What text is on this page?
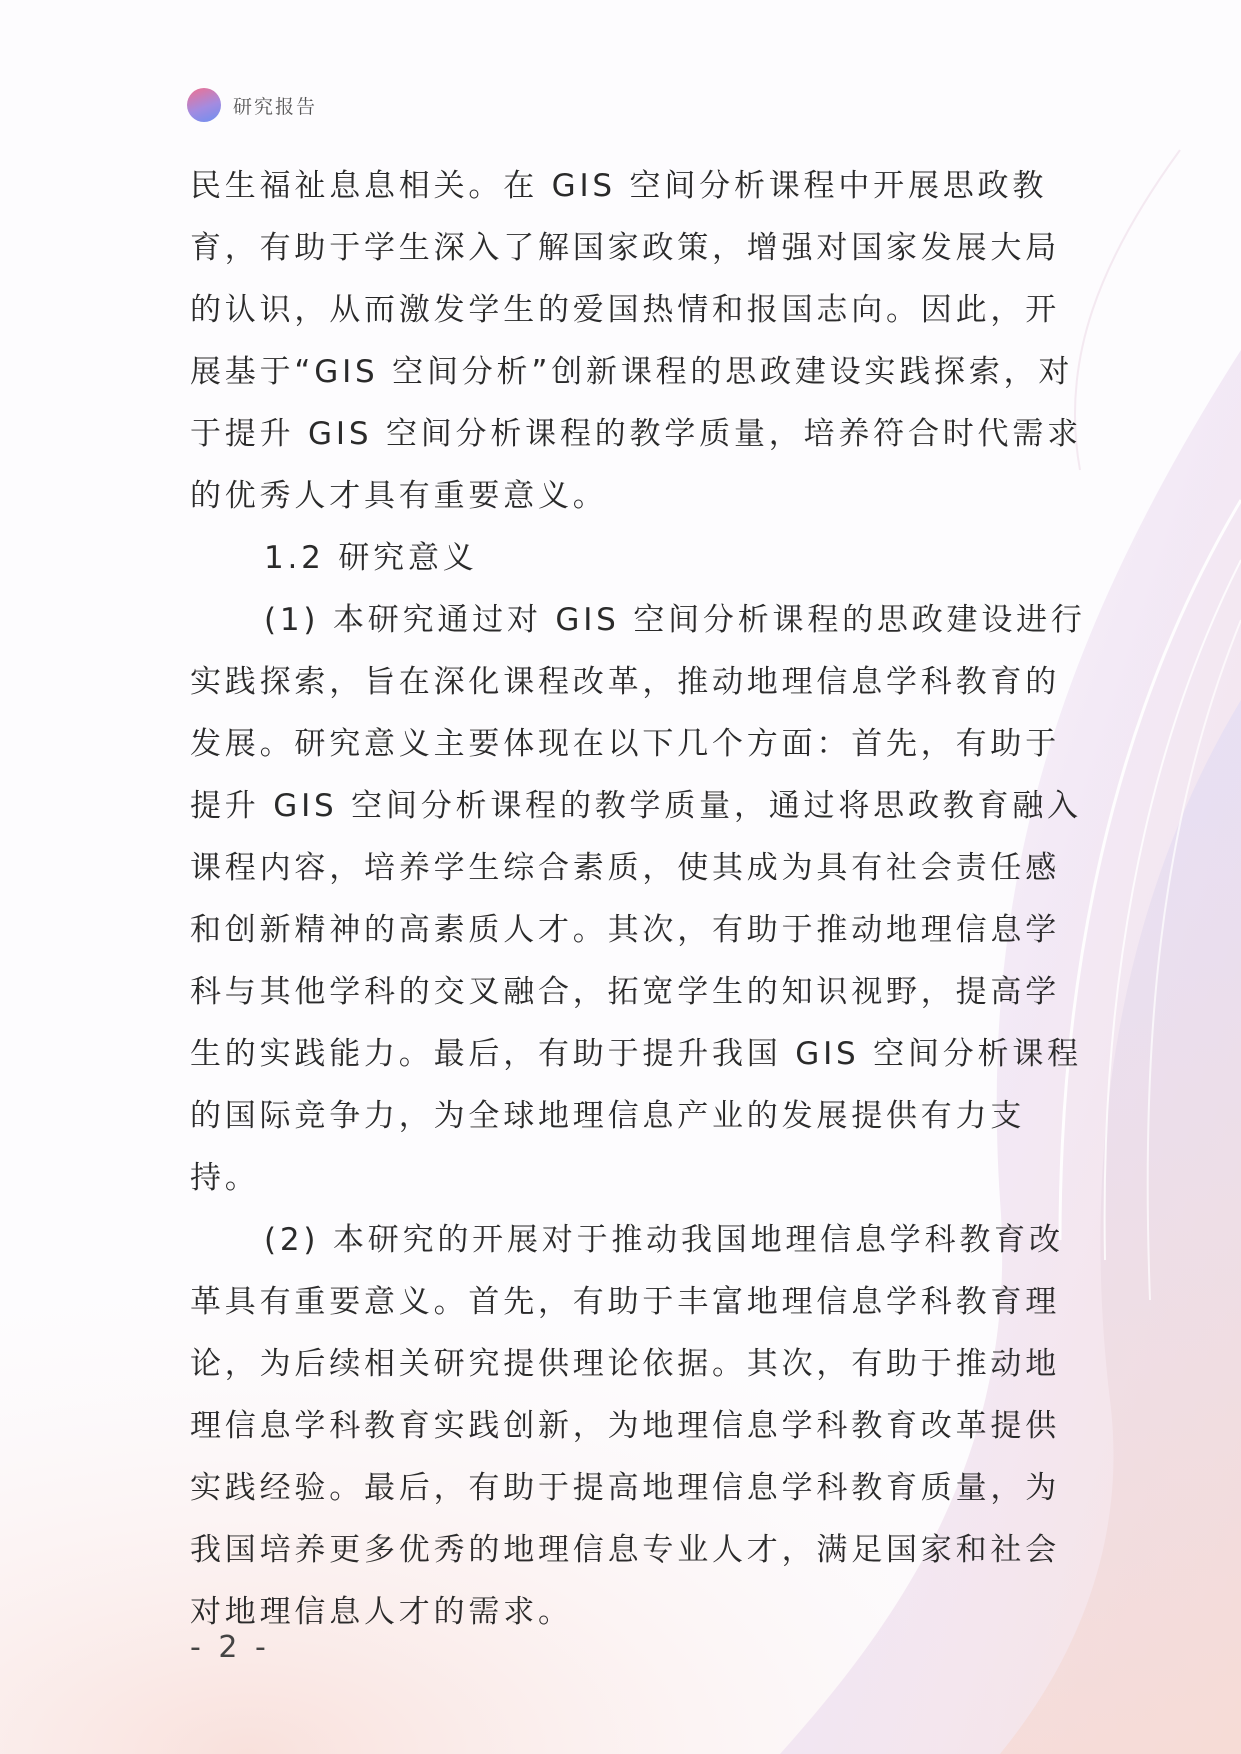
研究报告

民生福祉息息相关。在 GIS 空间分析课程中开展思政教育，有助于学生深入了解国家政策，增强对国家发展大局的认识，从而激发学生的爱国热情和报国志向。因此，开展基于“GIS 空间分析”创新课程的思政建设实践探索，对于提升 GIS 空间分析课程的教学质量，培养符合时代需求的优秀人才具有重要意义。

1.2 研究意义

(1) 本研究通过对 GIS 空间分析课程的思政建设进行实践探索，旨在深化课程改革，推动地理信息学科教育的发展。研究意义主要体现在以下几个方面：首先，有助于提升 GIS 空间分析课程的教学质量，通过将思政教育融入课程内容，培养学生综合素质，使其成为具有社会责任感和创新精神的高素质人才。其次，有助于推动地理信息学科与其他学科的交叉融合，拓宽学生的知识视野，提高学生的实践能力。最后，有助于提升我国 GIS 空间分析课程的国际竞争力，为全球地理信息产业的发展提供有力支持。

(2) 本研究的开展对于推动我国地理信息学科教育改革具有重要意义。首先，有助于丰富地理信息学科教育理论，为后续相关研究提供理论依据。其次，有助于推动地理信息学科教育实践创新，为地理信息学科教育改革提供实践经验。最后，有助于提高地理信息学科教育质量，为我国培养更多优秀的地理信息专业人才，满足国家和社会对地理信息人才的需求。

- 2 -
